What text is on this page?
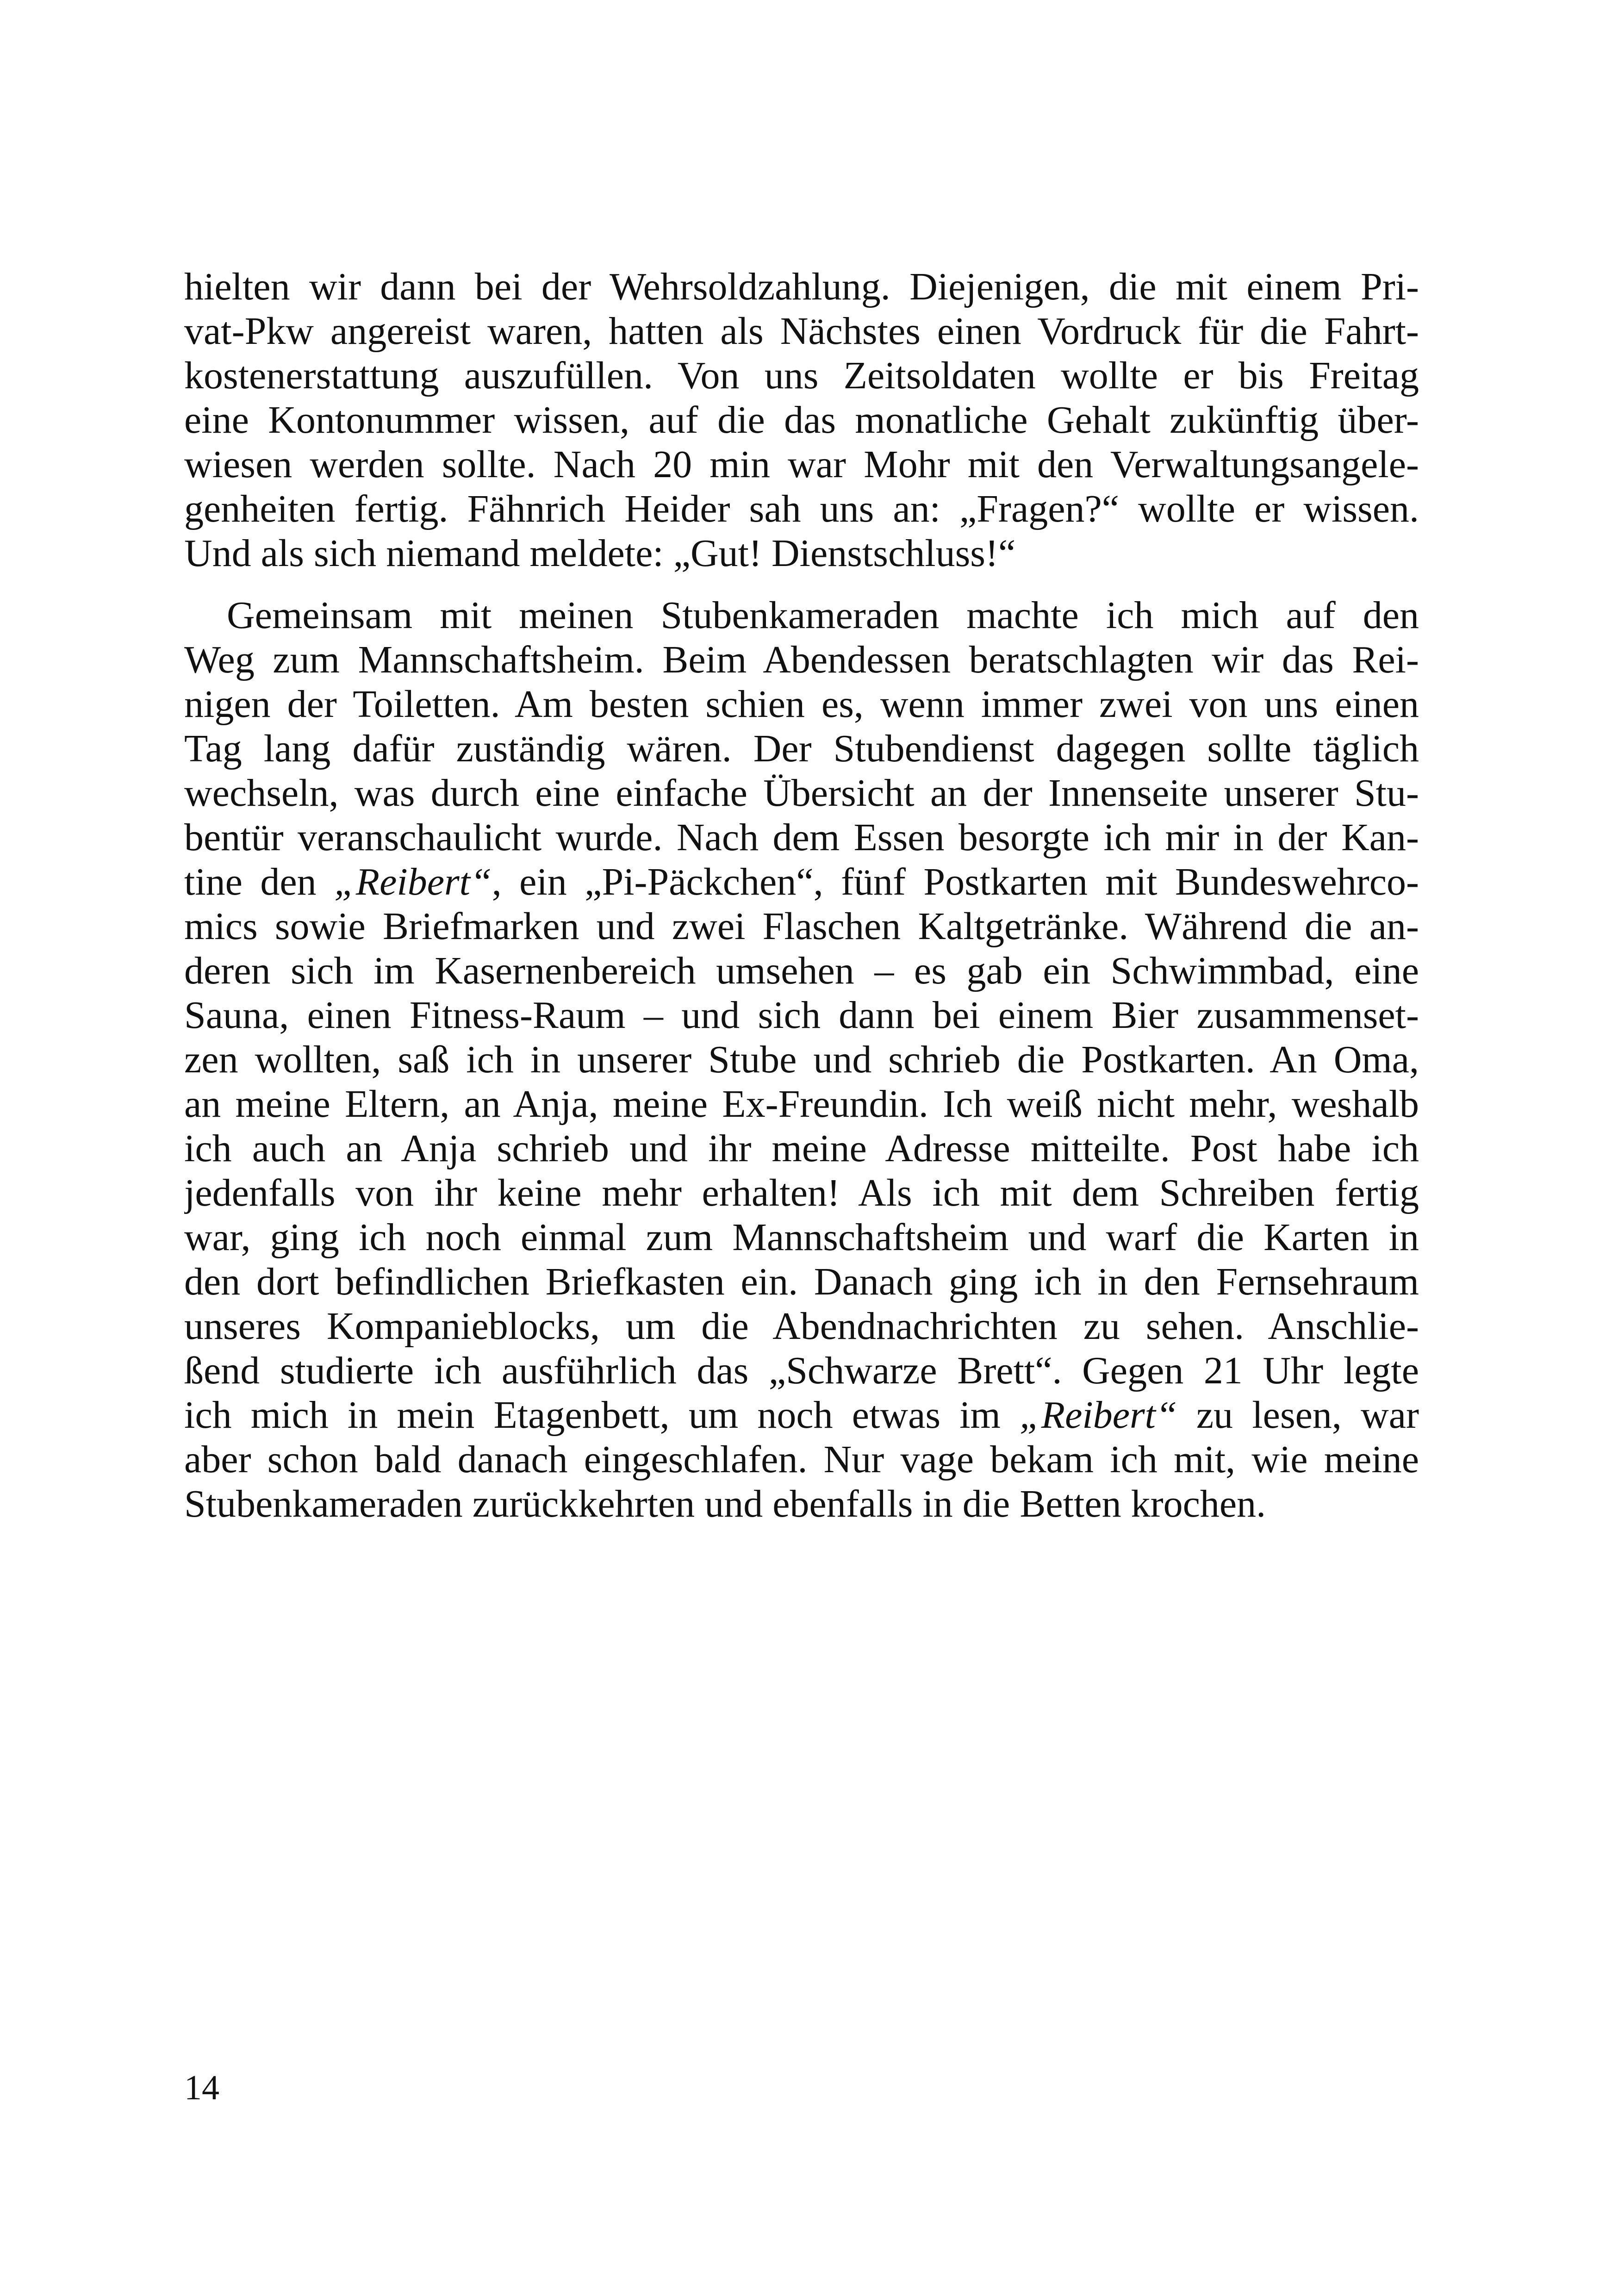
hielten wir dann bei der Wehrsoldzahlung. Diejenigen, die mit einem Pri-
vat-Pkw angereist waren, hatten als Nächstes einen Vordruck für die Fahrt-
kostenerstattung auszufüllen. Von uns Zeitsoldaten wollte er bis Freitag
eine Kontonummer wissen, auf die das monatliche Gehalt zukünftig über-
wiesen werden sollte. Nach 20 min war Mohr mit den Verwaltungsangele-
genheiten fertig. Fähnrich Heider sah uns an: „Fragen?“ wollte er wissen.
Und als sich niemand meldete: „Gut! Dienstschluss!“
Gemeinsam mit meinen Stubenkameraden machte ich mich auf den
Weg zum Mannschaftsheim. Beim Abendessen beratschlagten wir das Rei-
nigen der Toiletten. Am besten schien es, wenn immer zwei von uns einen
Tag lang dafür zuständig wären. Der Stubendienst dagegen sollte täglich
wechseln, was durch eine einfache Übersicht an der Innenseite unserer Stu-
bentür veranschaulicht wurde. Nach dem Essen besorgte ich mir in der Kan-
tine den „Reibert“, ein „Pi-Päckchen“, fünf Postkarten mit Bundeswehrco-
mics sowie Briefmarken und zwei Flaschen Kaltgetränke. Während die an-
deren sich im Kasernenbereich umsehen – es gab ein Schwimmbad, eine
Sauna, einen Fitness-Raum – und sich dann bei einem Bier zusammenset-
zen wollten, saß ich in unserer Stube und schrieb die Postkarten. An Oma,
an meine Eltern, an Anja, meine Ex-Freundin. Ich weiß nicht mehr, weshalb
ich auch an Anja schrieb und ihr meine Adresse mitteilte. Post habe ich
jedenfalls von ihr keine mehr erhalten! Als ich mit dem Schreiben fertig
war, ging ich noch einmal zum Mannschaftsheim und warf die Karten in
den dort befindlichen Briefkasten ein. Danach ging ich in den Fernsehraum
unseres Kompanieblocks, um die Abendnachrichten zu sehen. Anschlie-
ßend studierte ich ausführlich das „Schwarze Brett“. Gegen 21 Uhr legte
ich mich in mein Etagenbett, um noch etwas im „Reibert“ zu lesen, war
aber schon bald danach eingeschlafen. Nur vage bekam ich mit, wie meine
Stubenkameraden zurückkehrten und ebenfalls in die Betten krochen.
14
